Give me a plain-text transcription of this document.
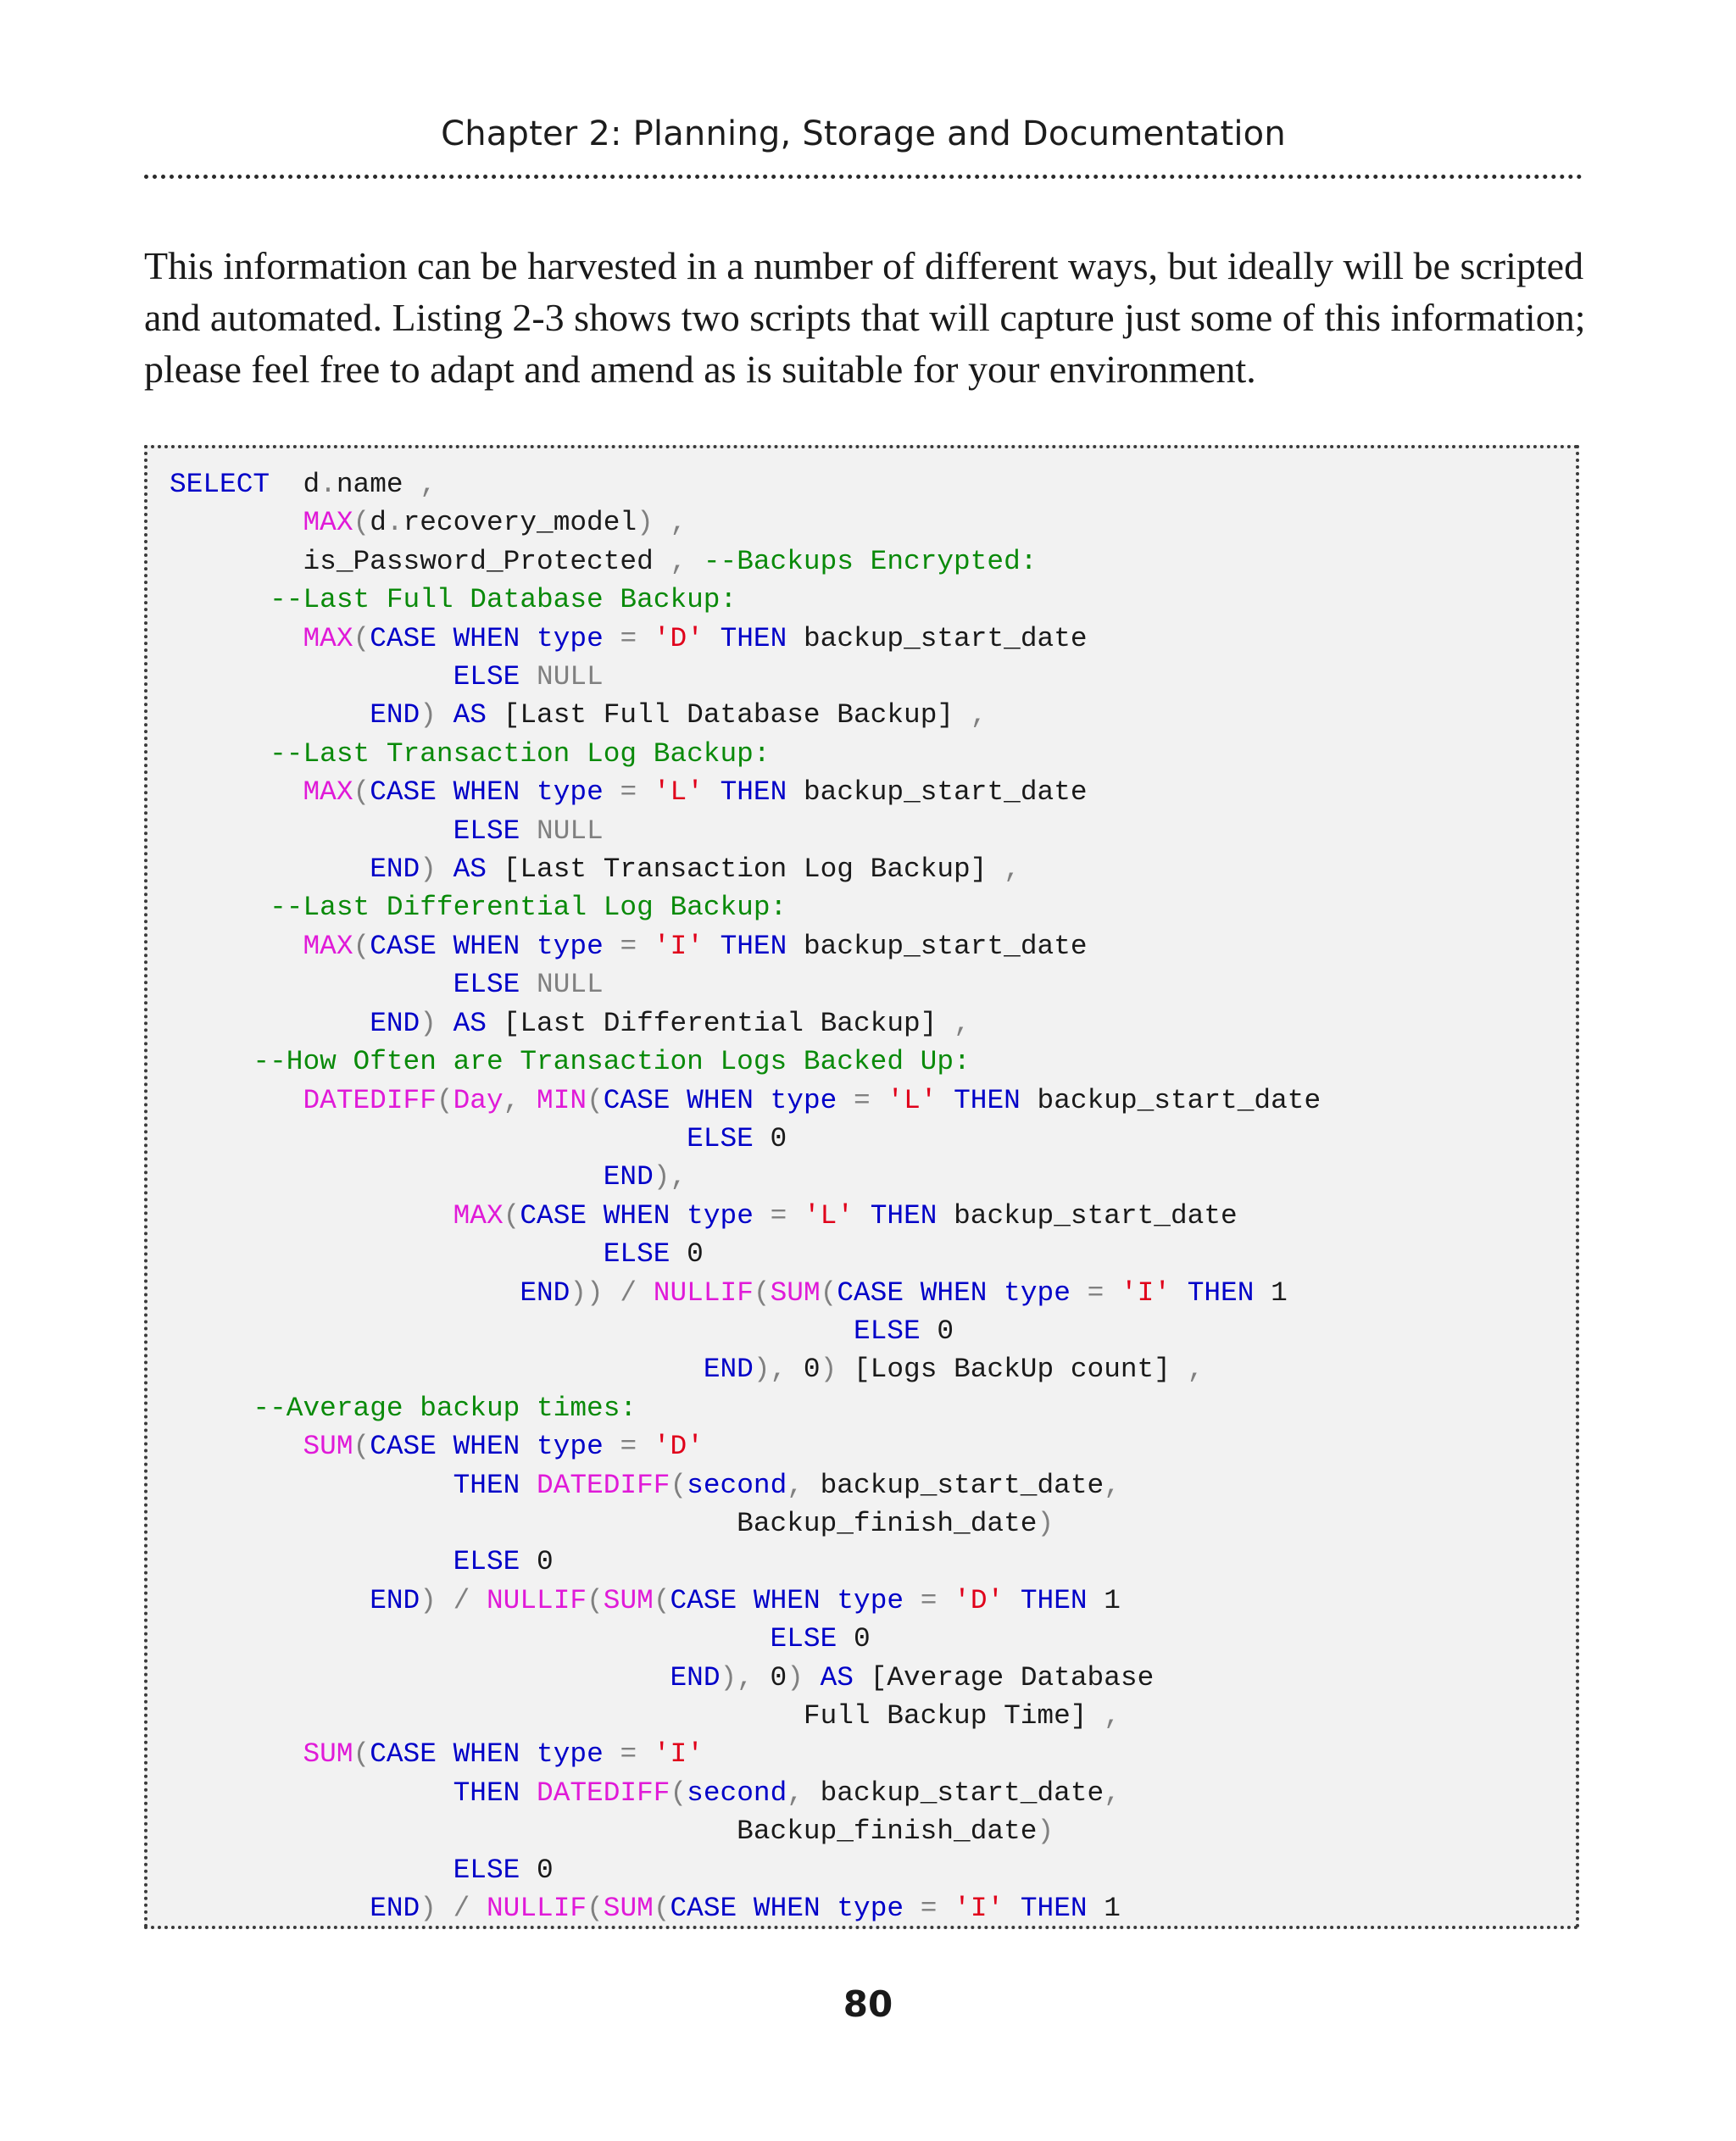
Chapter 2: Planning, Storage and Documentation

This information can be harvested in a number of different ways, but ideally will be scripted and automated. Listing 2-3 shows two scripts that will capture just some of this information; please feel free to adapt and amend as is suitable for your environment.

SELECT  d.name ,
MAX(d.recovery_model) ,
is_Password_Protected , --Backups Encrypted:
--Last Full Database Backup:
MAX(CASE WHEN type = 'D' THEN backup_start_date
ELSE NULL
END) AS [Last Full Database Backup] ,
--Last Transaction Log Backup:
MAX(CASE WHEN type = 'L' THEN backup_start_date
ELSE NULL
END) AS [Last Transaction Log Backup] ,
--Last Differential Log Backup:
MAX(CASE WHEN type = 'I' THEN backup_start_date
ELSE NULL
END) AS [Last Differential Backup] ,
--How Often are Transaction Logs Backed Up:
DATEDIFF(Day, MIN(CASE WHEN type = 'L' THEN backup_start_date
ELSE 0
END),
MAX(CASE WHEN type = 'L' THEN backup_start_date
ELSE 0
END)) / NULLIF(SUM(CASE WHEN type = 'I' THEN 1
ELSE 0
END), 0) [Logs BackUp count] ,
--Average backup times:
SUM(CASE WHEN type = 'D'
THEN DATEDIFF(second, backup_start_date,
Backup_finish_date)
ELSE 0
END) / NULLIF(SUM(CASE WHEN type = 'D' THEN 1
ELSE 0
END), 0) AS [Average Database
Full Backup Time] ,
SUM(CASE WHEN type = 'I'
THEN DATEDIFF(second, backup_start_date,
Backup_finish_date)
ELSE 0
END) / NULLIF(SUM(CASE WHEN type = 'I' THEN 1
80
